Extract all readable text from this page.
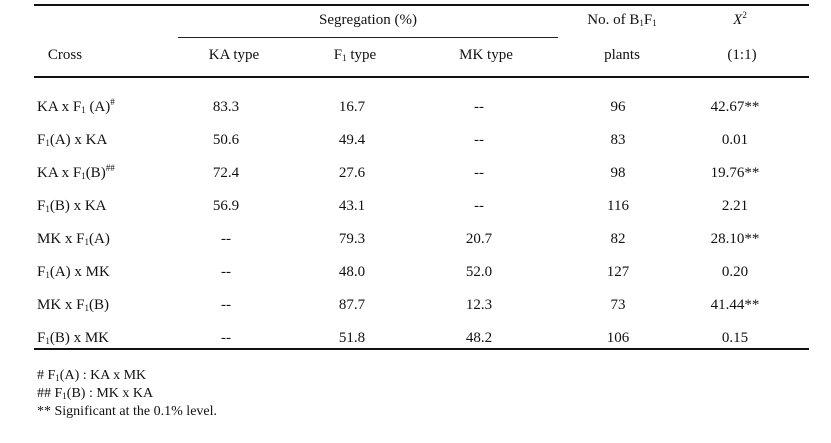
Segregation (%)	No. of $B_1F_1$	$X^2$
Cross	KA type	$F_1$ type	MK type	plants	(1:1)
KA x $F_1$ (A)#	83.3	16.7	--	96	42.67**
$F_1(A)$ x KA	50.6	49.4	--	83	0.01
KA x $F_1(B)^{\#\#}$	72.4	27.6	--	98	19.76**
$F_1(B)$ x KA	56.9	43.1	--	116	2.21
MK x $F_1(A)$	--	79.3	20.7	82	28.10**
$F_1(A)$ x MK	--	48.0	52.0	127	0.20
MK x $F_1(B)$	--	87.7	12.3	73	41.44**
$F_1(B)$ x MK	--	51.8	48.2	106	0.15
# $F_1(A)$ : KA x MK
## $F_1(B)$ : MK x KA
** Significant at the 0.1% level.
